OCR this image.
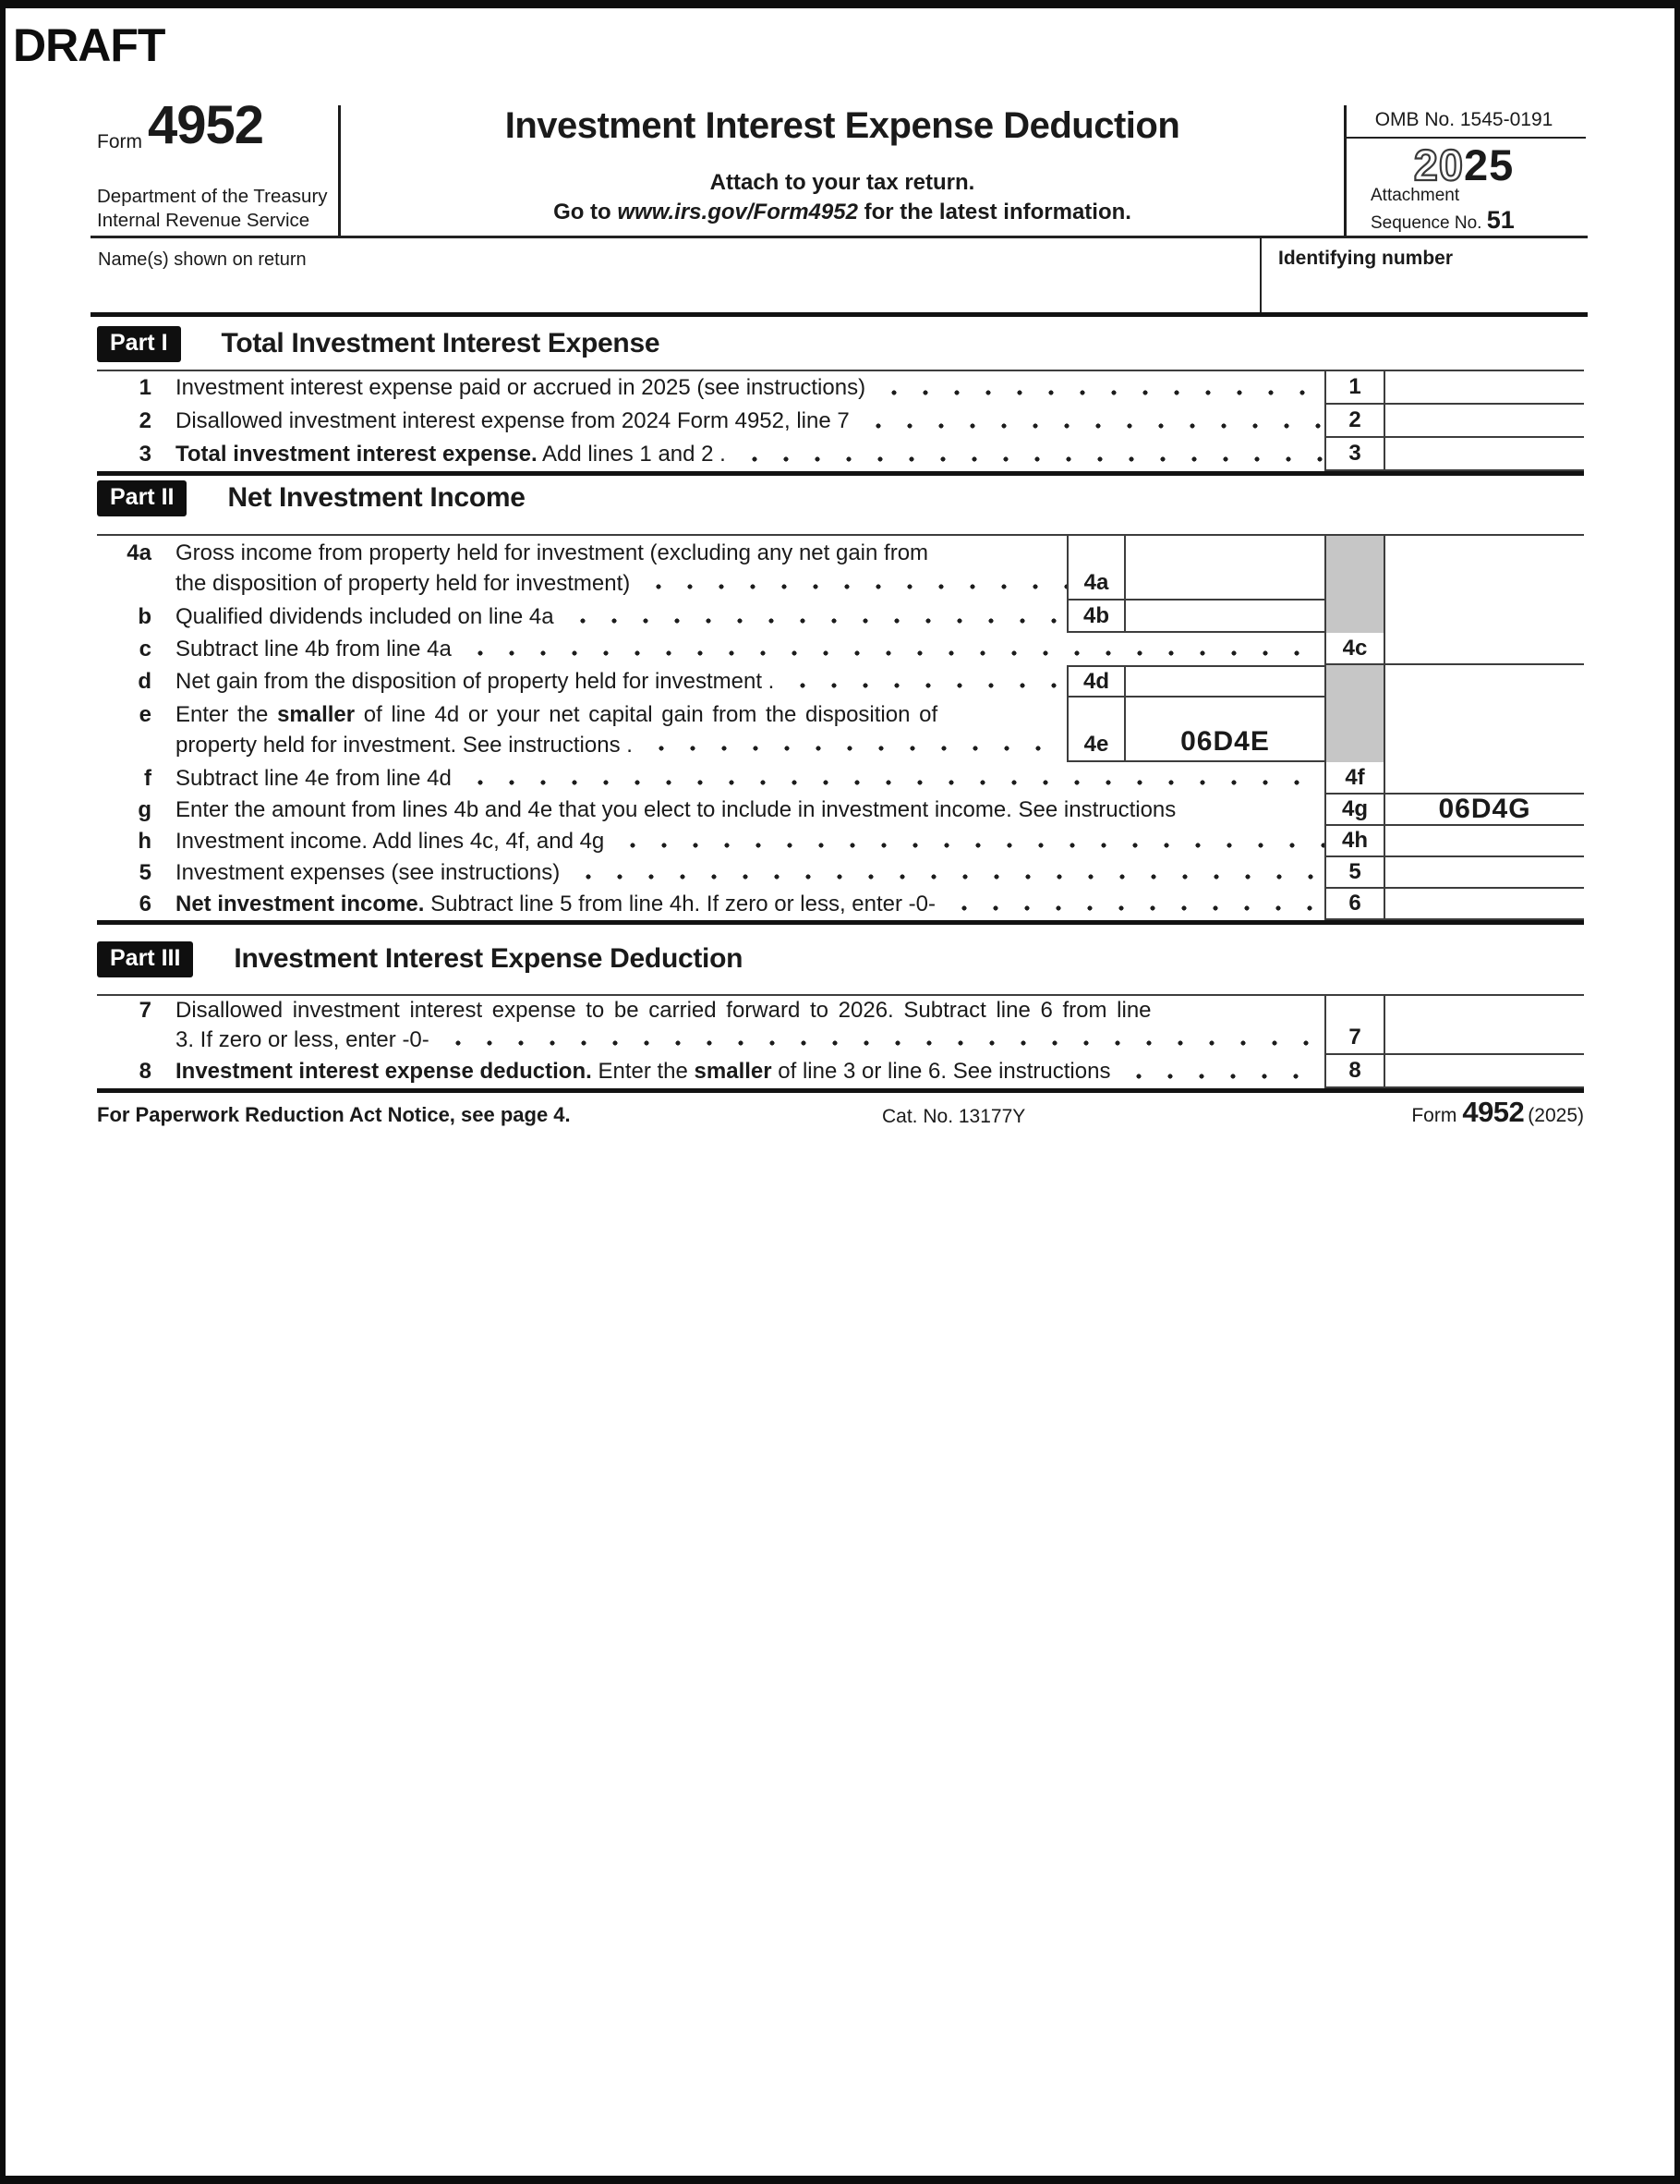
DRAFT
Form 4952
Department of the Treasury
Internal Revenue Service
Investment Interest Expense Deduction
Attach to your tax return.
Go to www.irs.gov/Form4952 for the latest information.
OMB No. 1545-0191
2025
Attachment
Sequence No. 51
Name(s) shown on return	Identifying number
Part I	Total Investment Interest Expense
1	Investment interest expense paid or accrued in 2025 (see instructions)	1
2	Disallowed investment interest expense from 2024 Form 4952, line 7	2
3	Total investment interest expense. Add lines 1 and 2 .	3
Part II	Net Investment Income
4a	Gross income from property held for investment (excluding any net gain from
the disposition of property held for investment)	4a
b	Qualified dividends included on line 4a	4b
c	Subtract line 4b from line 4a	4c
d	Net gain from the disposition of property held for investment .	4d
e	Enter the smaller of line 4d or your net capital gain from the disposition of
property held for investment. See instructions .	4e	06D4E
f	Subtract line 4e from line 4d	4f
g	Enter the amount from lines 4b and 4e that you elect to include in investment income. See instructions	4g	06D4G
h	Investment income. Add lines 4c, 4f, and 4g	4h
5	Investment expenses (see instructions)	5
6	Net investment income. Subtract line 5 from line 4h. If zero or less, enter -0-	6
Part III	Investment Interest Expense Deduction
7	Disallowed investment interest expense to be carried forward to 2026. Subtract line 6 from line
3. If zero or less, enter -0-	7
8	Investment interest expense deduction. Enter the smaller of line 3 or line 6. See instructions	8
For Paperwork Reduction Act Notice, see page 4.	Cat. No. 13177Y	Form 4952 (2025)
